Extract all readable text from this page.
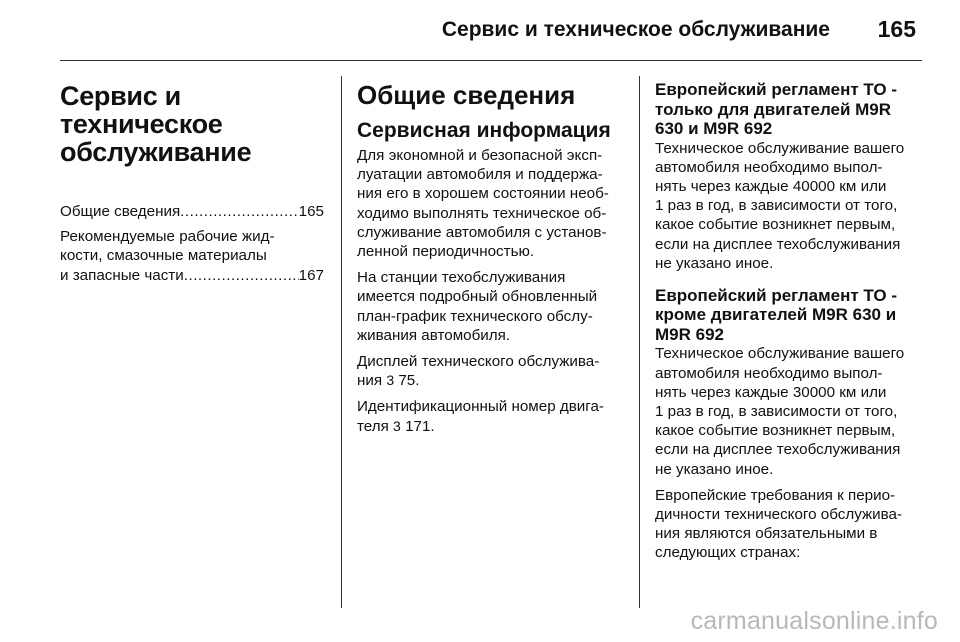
Сервис и техническое обслуживание 165
Сервис и
техническое
обслуживание
Общие сведения .....	165
Рекомендуемые рабочие жид-
кости, смазочные материалы
и запасные части .....	167
Общие сведения
Сервисная информация
Для экономной и безопасной эксп-
луатации автомобиля и поддержа-
ния его в хорошем состоянии необ-
ходимо выполнять техническое об-
служивание автомобиля с установ-
ленной периодичностью.
На станции техобслуживания
имеется подробный обновленный
план-график технического обслу-
живания автомобиля.
Дисплей технического обслужива-
ния 3 75.
Идентификационный номер двига-
теля 3 171.
Европейский регламент ТО -
только для двигателей M9R
630 и M9R 692
Техническое обслуживание вашего
автомобиля необходимо выпол-
нять через каждые 40000 км или
1 раз в год, в зависимости от того,
какое событие возникнет первым,
если на дисплее техобслуживания
не указано иное.
Европейский регламент ТО -
кроме двигателей M9R 630 и
M9R 692
Техническое обслуживание вашего
автомобиля необходимо выпол-
нять через каждые 30000 км или
1 раз в год, в зависимости от того,
какое событие возникнет первым,
если на дисплее техобслуживания
не указано иное.
Европейские требования к перио-
дичности технического обслужива-
ния являются обязательными в
следующих странах:
carmanualsonline.info
